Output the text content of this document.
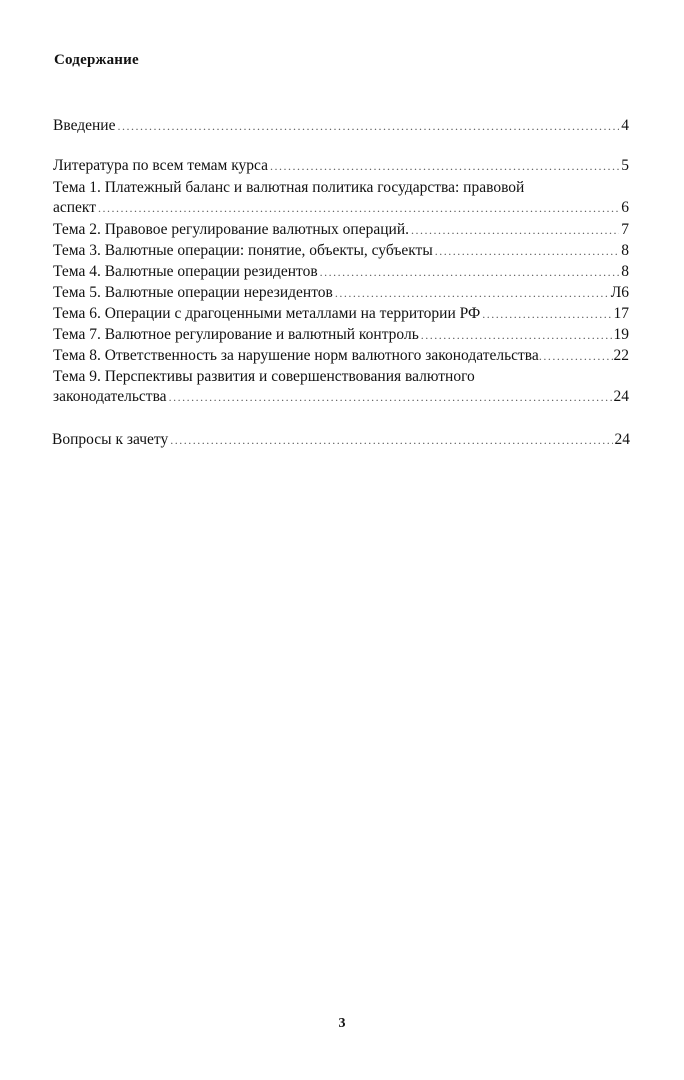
Содержание
Введение .....	4
Литература по всем темам курса .....	5
Тема 1. Платежный баланс и валютная политика государства: правовой
аспект .....	6
Тема 2. Правовое регулирование валютных операций. .....	7
Тема 3. Валютные операции: понятие, объекты, субъекты .....	8
Тема 4. Валютные операции резидентов .....	8
Тема 5. Валютные операции нерезидентов .....	Л6
Тема 6. Операции с драгоценными металлами на территории РФ .....	17
Тема 7. Валютное регулирование и валютный контроль .....	19
Тема 8. Ответственность за нарушение норм валютного законодательства .....	22
Тема 9. Перспективы развития и совершенствования валютного
законодательства .....	24
Вопросы к зачету .....	24
3
